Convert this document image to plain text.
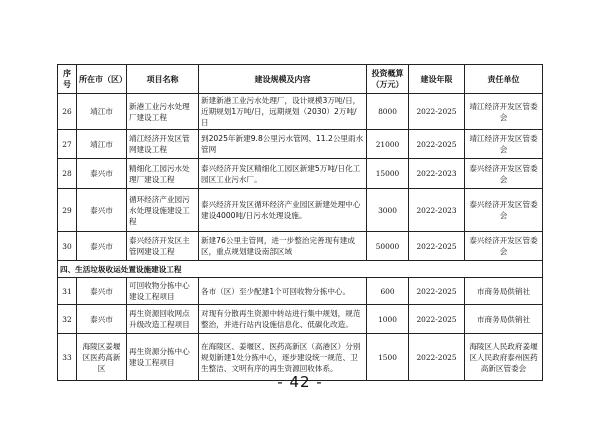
序号	所在市（区）	项目名称	建设规模及内容	投资概算（万元）	建设年限	责任单位
26	靖江市	新港工业污水处理厂建设工程	新建新港工业污水处理厂，设计规模3万吨/日，近期规划1万吨/日，远期规划（2030）2万吨/日	8000	2022-2025	靖江经济开发区管委会
27	靖江市	靖江经济开发区管网建设工程	到2025年新建9.8公里污水管网、11.2公里雨水管网	21000	2022-2025	靖江经济开发区管委会
28	泰兴市	精细化工园污水处理厂建设工程	泰兴经济开发区精细化工园区新建5万吨/日化工园区工业污水厂。	15000	2022-2023	泰兴经济开发区管委会
29	泰兴市	循环经济产业园污水处理设施建设工程	泰兴经济开发区循环经济产业园区新建处理中心建设4000吨/日污水处理设施。	3000	2022-2023	泰兴经济开发区管委会
30	泰兴市	泰兴经济开发区主管网建设工程	新建76公里主管网，进一步整治完善现有建成区，重点规划建设南部区域	50000	2022-2025	泰兴经济开发区管委会
四、生活垃圾收运处置设施建设工程						
31	泰兴市	可回收物分拣中心建设工程项目	各市（区）至少配建1个可回收物分拣中心。	600	2022-2025	市商务局供销社
32	泰兴市	再生资源回收网点升级改造工程项目	对现有分散再生资源中转站进行集中规划，规范整治，并进行站内设施信息化、低碳化改造。	1000	2022-2025	市商务局供销社
33	海陵区姜堰区医药高新区	再生资源分拣中心建设工程项目	在海陵区、姜堰区、医药高新区（高港区）分别规划新建1处分拣中心，逐步建设统一规范、卫生整洁、文明有序的再生资源回收体系。	1500	2022-2025	海陵区人民政府姜堰区人民政府泰州医药高新区管委会
- 42 -
